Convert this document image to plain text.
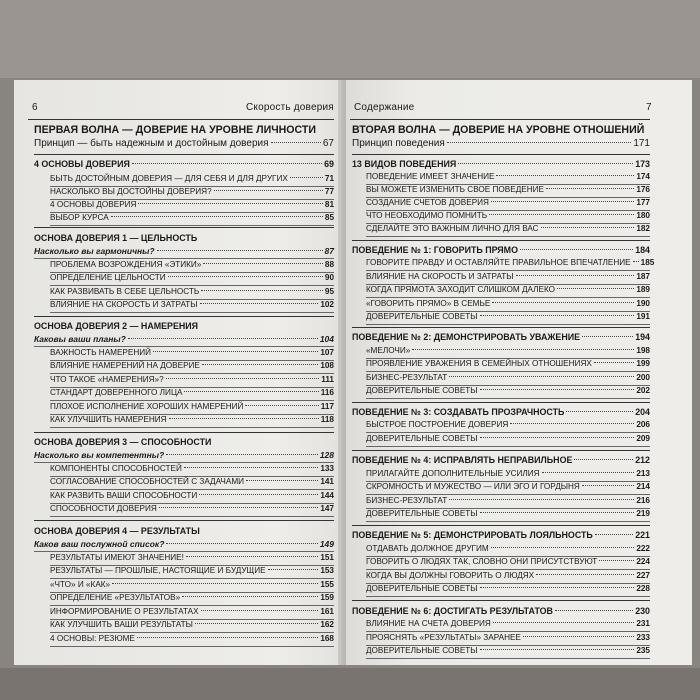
6	Скорость доверия
ПЕРВАЯ ВОЛНА — ДОВЕРИЕ НА УРОВНЕ ЛИЧНОСТИ
Принцип — быть надежным и достойным доверия	67
4 ОСНОВЫ ДОВЕРИЯ	69
БЫТЬ ДОСТОЙНЫМ ДОВЕРИЯ — ДЛЯ СЕБЯ И ДЛЯ ДРУГИХ	71
НАСКОЛЬКО ВЫ ДОСТОЙНЫ ДОВЕРИЯ?	77
4 ОСНОВЫ ДОВЕРИЯ	81
ВЫБОР КУРСА	85
ОСНОВА ДОВЕРИЯ 1 — ЦЕЛЬНОСТЬ
Насколько вы гармоничны?	87
ПРОБЛЕМА ВОЗРОЖДЕНИЯ «ЭТИКИ»	88
ОПРЕДЕЛЕНИЕ ЦЕЛЬНОСТИ	90
КАК РАЗВИВАТЬ В СЕБЕ ЦЕЛЬНОСТЬ	95
ВЛИЯНИЕ НА СКОРОСТЬ И ЗАТРАТЫ	102
ОСНОВА ДОВЕРИЯ 2 — НАМЕРЕНИЯ
Каковы ваши планы?	104
ВАЖНОСТЬ НАМЕРЕНИЙ	107
ВЛИЯНИЕ НАМЕРЕНИЙ НА ДОВЕРИЕ	108
ЧТО ТАКОЕ «НАМЕРЕНИЯ»?	111
СТАНДАРТ ДОВЕРЕННОГО ЛИЦА	116
ПЛОХОЕ ИСПОЛНЕНИЕ ХОРОШИХ НАМЕРЕНИЙ	117
КАК УЛУЧШИТЬ НАМЕРЕНИЯ	118
ОСНОВА ДОВЕРИЯ 3 — СПОСОБНОСТИ
Насколько вы компетентны?	128
КОМПОНЕНТЫ СПОСОБНОСТЕЙ	133
СОГЛАСОВАНИЕ СПОСОБНОСТЕЙ С ЗАДАЧАМИ	141
КАК РАЗВИТЬ ВАШИ СПОСОБНОСТИ	144
СПОСОБНОСТИ ДОВЕРИЯ	147
ОСНОВА ДОВЕРИЯ 4 — РЕЗУЛЬТАТЫ
Каков ваш послужной список?	149
РЕЗУЛЬТАТЫ ИМЕЮТ ЗНАЧЕНИЕ!	151
РЕЗУЛЬТАТЫ — ПРОШЛЫЕ, НАСТОЯЩИЕ И БУДУЩИЕ	153
«ЧТО» И «КАК»	155
ОПРЕДЕЛЕНИЕ «РЕЗУЛЬТАТОВ»	159
ИНФОРМИРОВАНИЕ О РЕЗУЛЬТАТАХ	161
КАК УЛУЧШИТЬ ВАШИ РЕЗУЛЬТАТЫ	162
4 ОСНОВЫ: РЕЗЮМЕ	168
Содержание	7
ВТОРАЯ ВОЛНА — ДОВЕРИЕ НА УРОВНЕ ОТНОШЕНИЙ
Принцип поведения	171
13 ВИДОВ ПОВЕДЕНИЯ	173
ПОВЕДЕНИЕ ИМЕЕТ ЗНАЧЕНИЕ	174
ВЫ МОЖЕТЕ ИЗМЕНИТЬ СВОЕ ПОВЕДЕНИЕ	176
СОЗДАНИЕ СЧЕТОВ ДОВЕРИЯ	177
ЧТО НЕОБХОДИМО ПОМНИТЬ	180
СДЕЛАЙТЕ ЭТО ВАЖНЫМ ЛИЧНО ДЛЯ ВАС	182
ПОВЕДЕНИЕ № 1: ГОВОРИТЬ ПРЯМО	184
ГОВОРИТЕ ПРАВДУ И ОСТАВЛЯЙТЕ ПРАВИЛЬНОЕ ВПЕЧАТЛЕНИЕ 185
ВЛИЯНИЕ НА СКОРОСТЬ И ЗАТРАТЫ	187
КОГДА ПРЯМОТА ЗАХОДИТ СЛИШКОМ ДАЛЕКО	189
«ГОВОРИТЬ ПРЯМО» В СЕМЬЕ	190
ДОВЕРИТЕЛЬНЫЕ СОВЕТЫ	191
ПОВЕДЕНИЕ № 2: ДЕМОНСТРИРОВАТЬ УВАЖЕНИЕ	194
«МЕЛОЧИ»	198
ПРОЯВЛЕНИЕ УВАЖЕНИЯ В СЕМЕЙНЫХ ОТНОШЕНИЯХ	199
БИЗНЕС-РЕЗУЛЬТАТ	200
ДОВЕРИТЕЛЬНЫЕ СОВЕТЫ	202
ПОВЕДЕНИЕ № 3: СОЗДАВАТЬ ПРОЗРАЧНОСТЬ	204
БЫСТРОЕ ПОСТРОЕНИЕ ДОВЕРИЯ	206
ДОВЕРИТЕЛЬНЫЕ СОВЕТЫ	209
ПОВЕДЕНИЕ № 4: ИСПРАВЛЯТЬ НЕПРАВИЛЬНОЕ	212
ПРИЛАГАЙТЕ ДОПОЛНИТЕЛЬНЫЕ УСИЛИЯ	213
СКРОМНОСТЬ И МУЖЕСТВО — ИЛИ ЭГО И ГОРДЫНЯ	214
БИЗНЕС-РЕЗУЛЬТАТ	216
ДОВЕРИТЕЛЬНЫЕ СОВЕТЫ	219
ПОВЕДЕНИЕ № 5: ДЕМОНСТРИРОВАТЬ ЛОЯЛЬНОСТЬ	221
ОТДАВАТЬ ДОЛЖНОЕ ДРУГИМ	222
ГОВОРИТЬ О ЛЮДЯХ ТАК, СЛОВНО ОНИ ПРИСУТСТВУЮТ	224
КОГДА ВЫ ДОЛЖНЫ ГОВОРИТЬ О ЛЮДЯХ	227
ДОВЕРИТЕЛЬНЫЕ СОВЕТЫ	228
ПОВЕДЕНИЕ № 6: ДОСТИГАТЬ РЕЗУЛЬТАТОВ	230
ВЛИЯНИЕ НА СЧЕТА ДОВЕРИЯ	231
ПРОЯСНЯТЬ «РЕЗУЛЬТАТЫ» ЗАРАНЕЕ	233
ДОВЕРИТЕЛЬНЫЕ СОВЕТЫ	235
